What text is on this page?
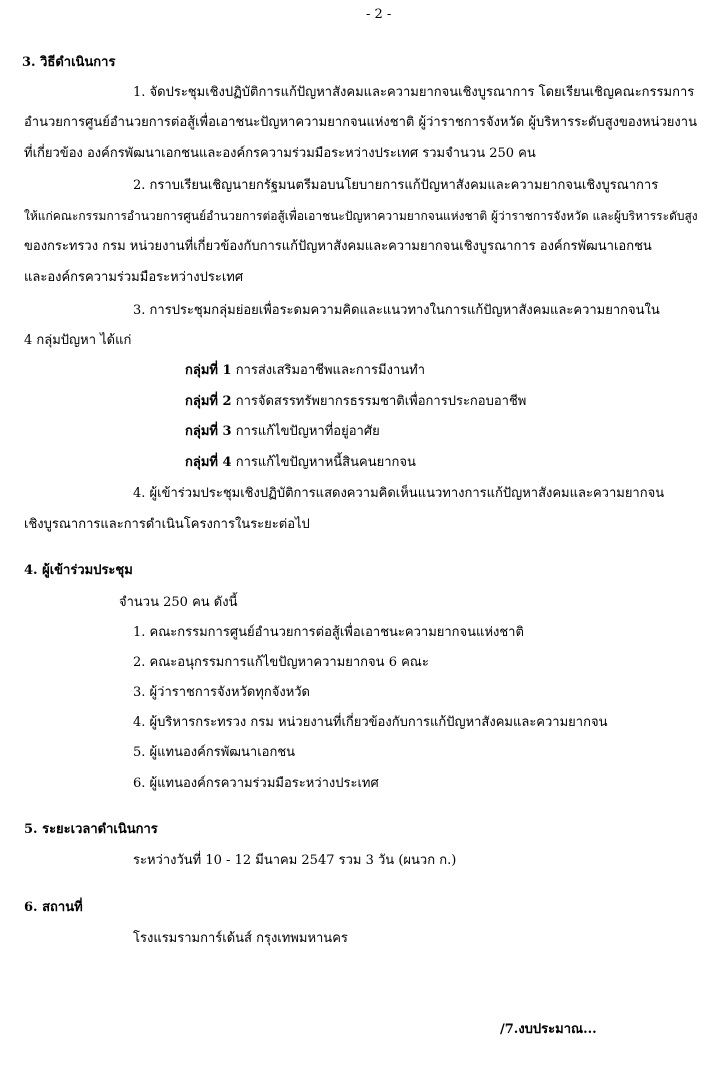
- 2 -
3. วิธีดำเนินการ
1. จัดประชุมเชิงปฏิบัติการแก้ปัญหาสังคมและความยากจนเชิงบูรณาการ โดยเรียนเชิญคณะกรรมการ
อำนวยการศูนย์อำนวยการต่อสู้เพื่อเอาชนะปัญหาความยากจนแห่งชาติ ผู้ว่าราชการจังหวัด ผู้บริหารระดับสูงของหน่วยงาน
ที่เกี่ยวข้อง องค์กรพัฒนาเอกชนและองค์กรความร่วมมือระหว่างประเทศ รวมจำนวน 250 คน
2. กราบเรียนเชิญนายกรัฐมนตรีมอบนโยบายการแก้ปัญหาสังคมและความยากจนเชิงบูรณาการ
ให้แก่คณะกรรมการอำนวยการศูนย์อำนวยการต่อสู้เพื่อเอาชนะปัญหาความยากจนแห่งชาติ ผู้ว่าราชการจังหวัด และผู้บริหารระดับสูง
ของกระทรวง กรม หน่วยงานที่เกี่ยวข้องกับการแก้ปัญหาสังคมและความยากจนเชิงบูรณาการ องค์กรพัฒนาเอกชน
และองค์กรความร่วมมือระหว่างประเทศ
3. การประชุมกลุ่มย่อยเพื่อระดมความคิดและแนวทางในการแก้ปัญหาสังคมและความยากจนใน
4 กลุ่มปัญหา ได้แก่
กลุ่มที่ 1 การส่งเสริมอาชีพและการมีงานทำ
กลุ่มที่ 2 การจัดสรรทรัพยากรธรรมชาติเพื่อการประกอบอาชีพ
กลุ่มที่ 3 การแก้ไขปัญหาที่อยู่อาศัย
กลุ่มที่ 4 การแก้ไขปัญหาหนี้สินคนยากจน
4. ผู้เข้าร่วมประชุมเชิงปฏิบัติการแสดงความคิดเห็นแนวทางการแก้ปัญหาสังคมและความยากจน
เชิงบูรณาการและการดำเนินโครงการในระยะต่อไป
4. ผู้เข้าร่วมประชุม
จำนวน 250 คน ดังนี้
1. คณะกรรมการศูนย์อำนวยการต่อสู้เพื่อเอาชนะความยากจนแห่งชาติ
2. คณะอนุกรรมการแก้ไขปัญหาความยากจน 6 คณะ
3. ผู้ว่าราชการจังหวัดทุกจังหวัด
4. ผู้บริหารกระทรวง กรม หน่วยงานที่เกี่ยวข้องกับการแก้ปัญหาสังคมและความยากจน
5. ผู้แทนองค์กรพัฒนาเอกชน
6. ผู้แทนองค์กรความร่วมมือระหว่างประเทศ
5. ระยะเวลาดำเนินการ
ระหว่างวันที่ 10 - 12 มีนาคม 2547 รวม 3 วัน (ผนวก ก.)
6. สถานที่
โรงแรมรามการ์เด้นส์ กรุงเทพมหานคร
/7.งบประมาณ...
